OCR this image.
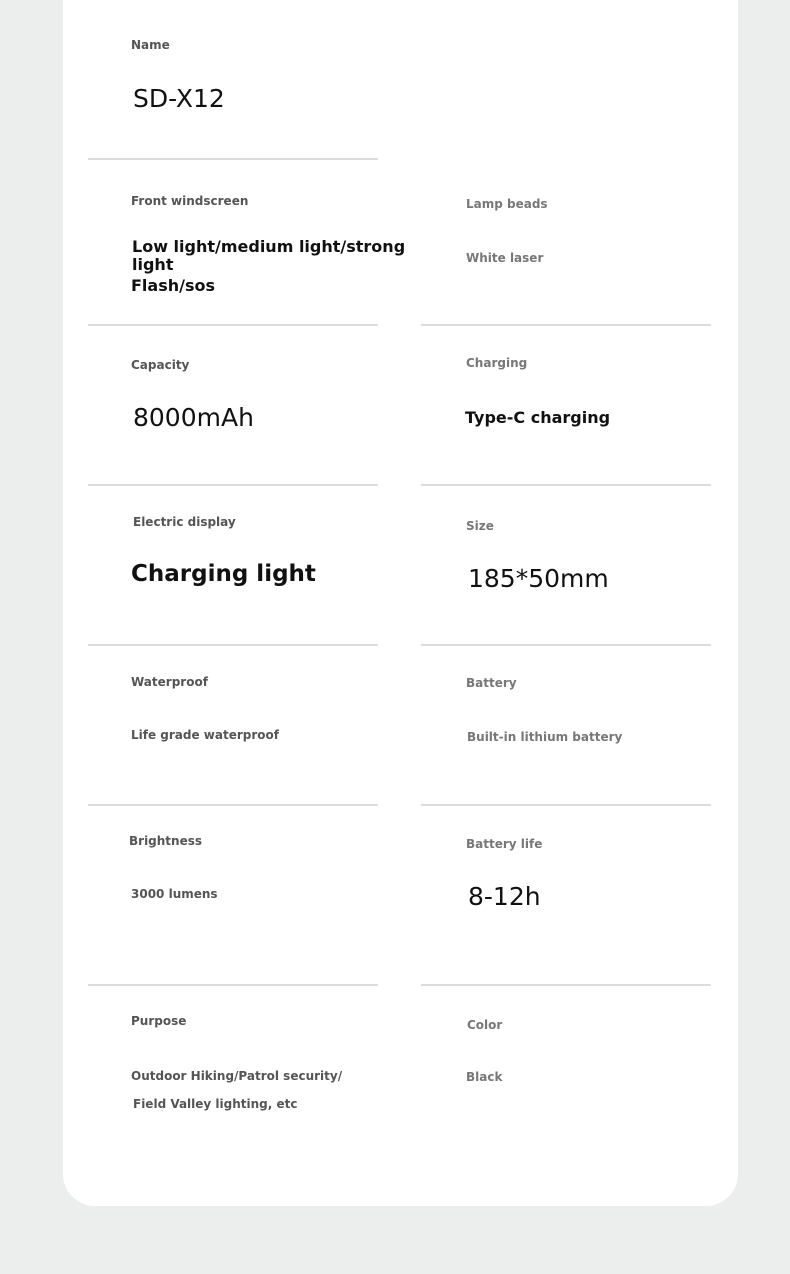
Name
SD-X12
Front windscreen
Low light/medium light/strong
light
Flash/sos
Lamp beads
White laser
Capacity
8000mAh
Charging
Type-C charging
Electric display
Charging light
Size
185*50mm
Waterproof
Life grade waterproof
Battery
Built-in lithium battery
Brightness
3000 lumens
Battery life
8-12h
Purpose
Outdoor Hiking/Patrol security/
Field Valley lighting, etc
Color
Black
